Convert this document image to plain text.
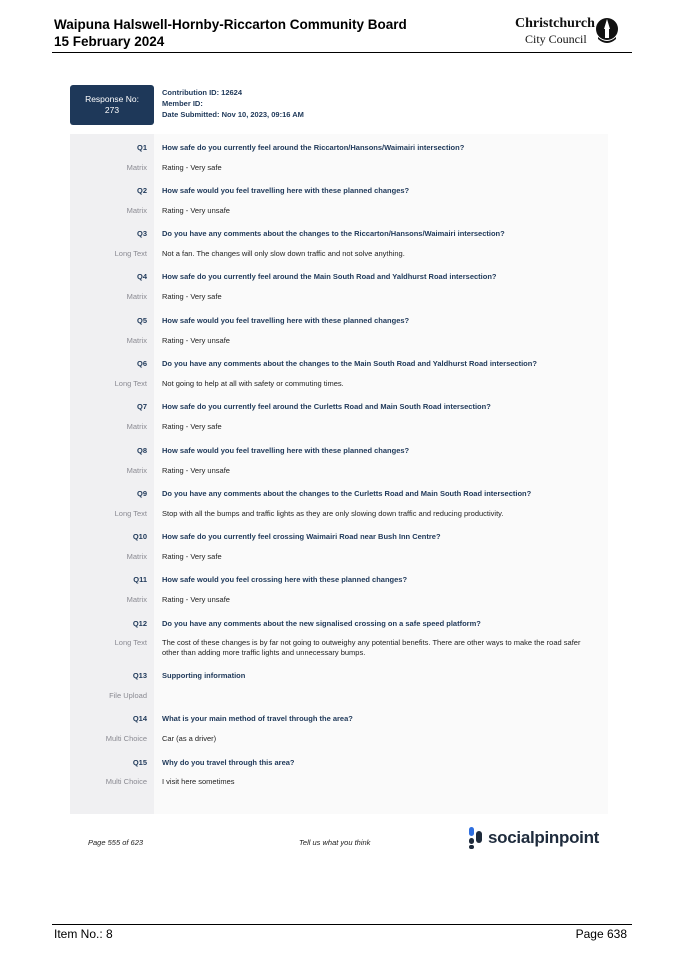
Waipuna Halswell-Hornby-Riccarton Community Board
15 February 2024
Christchurch
City Council
Response No:
273
Contribution ID: 12624
Member ID:
Date Submitted: Nov 10, 2023, 09:16 AM
Q1 How safe do you currently feel around the Riccarton/Hansons/Waimairi intersection?
Matrix Rating - Very safe
Q2 How safe would you feel travelling here with these planned changes?
Matrix Rating - Very unsafe
Q3 Do you have any comments about the changes to the Riccarton/Hansons/Waimairi intersection?
Long Text Not a fan. The changes will only slow down traffic and not solve anything.
Q4 How safe do you currently feel around the Main South Road and Yaldhurst Road intersection?
Matrix Rating - Very safe
Q5 How safe would you feel travelling here with these planned changes?
Matrix Rating - Very unsafe
Q6 Do you have any comments about the changes to the Main South Road and Yaldhurst Road intersection?
Long Text Not going to help at all with safety or commuting times.
Q7 How safe do you currently feel around the Curletts Road and Main South Road intersection?
Matrix Rating - Very safe
Q8 How safe would you feel travelling here with these planned changes?
Matrix Rating - Very unsafe
Q9 Do you have any comments about the changes to the Curletts Road and Main South Road intersection?
Long Text Stop with all the bumps and traffic lights as they are only slowing down traffic and reducing productivity.
Q10 How safe do you currently feel crossing Waimairi Road near Bush Inn Centre?
Matrix Rating - Very safe
Q11 How safe would you feel crossing here with these planned changes?
Matrix Rating - Very unsafe
Q12 Do you have any comments about the new signalised crossing on a safe speed platform?
Long Text The cost of these changes is by far not going to outweighy any potential benefits. There are other ways to make the road safer other than adding more traffic lights and unnecessary bumps.
Q13 Supporting information
File Upload
Q14 What is your main method of travel through the area?
Multi Choice Car (as a driver)
Q15 Why do you travel through this area?
Multi Choice I visit here sometimes
Page 555 of 623	Tell us what you think	socialpinpoint
Item No.: 8	Page 638
